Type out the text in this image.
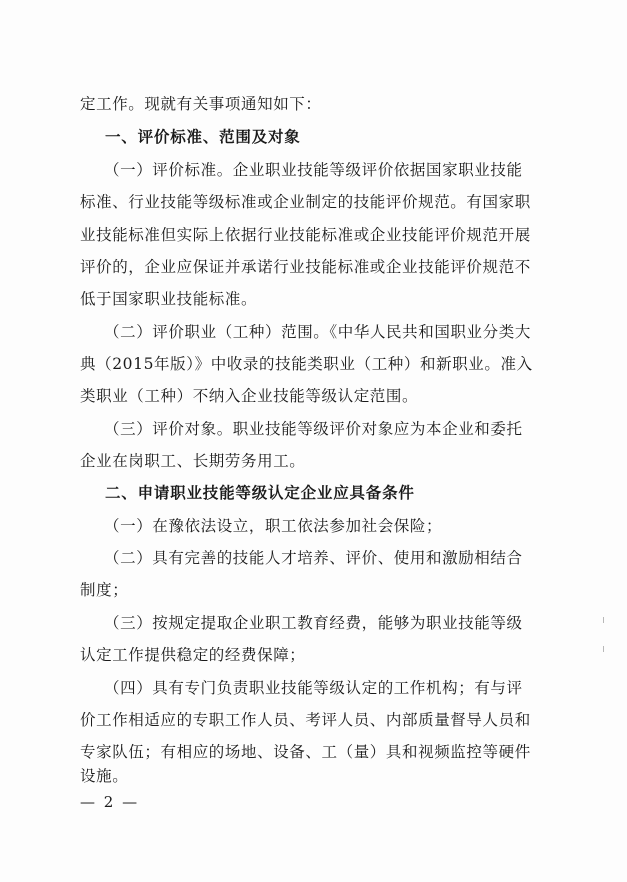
定工作。现就有关事项通知如下：
一、评价标准、范围及对象
（一）评价标准。企业职业技能等级评价依据国家职业技能
标准、行业技能等级标准或企业制定的技能评价规范。有国家职
业技能标准但实际上依据行业技能标准或企业技能评价规范开展
评价的，企业应保证并承诺行业技能标准或企业技能评价规范不
低于国家职业技能标准。
（二）评价职业（工种）范围。《中华人民共和国职业分类大
典（2015年版）》中收录的技能类职业（工种）和新职业。准入
类职业（工种）不纳入企业技能等级认定范围。
（三）评价对象。职业技能等级评价对象应为本企业和委托
企业在岗职工、长期劳务用工。
二、申请职业技能等级认定企业应具备条件
（一）在豫依法设立，职工依法参加社会保险；
（二）具有完善的技能人才培养、评价、使用和激励相结合
制度；
（三）按规定提取企业职工教育经费，能够为职业技能等级
认定工作提供稳定的经费保障；
（四）具有专门负责职业技能等级认定的工作机构；有与评
价工作相适应的专职工作人员、考评人员、内部质量督导人员和
专家队伍；有相应的场地、设备、工（量）具和视频监控等硬件
设施。
— 2 —
